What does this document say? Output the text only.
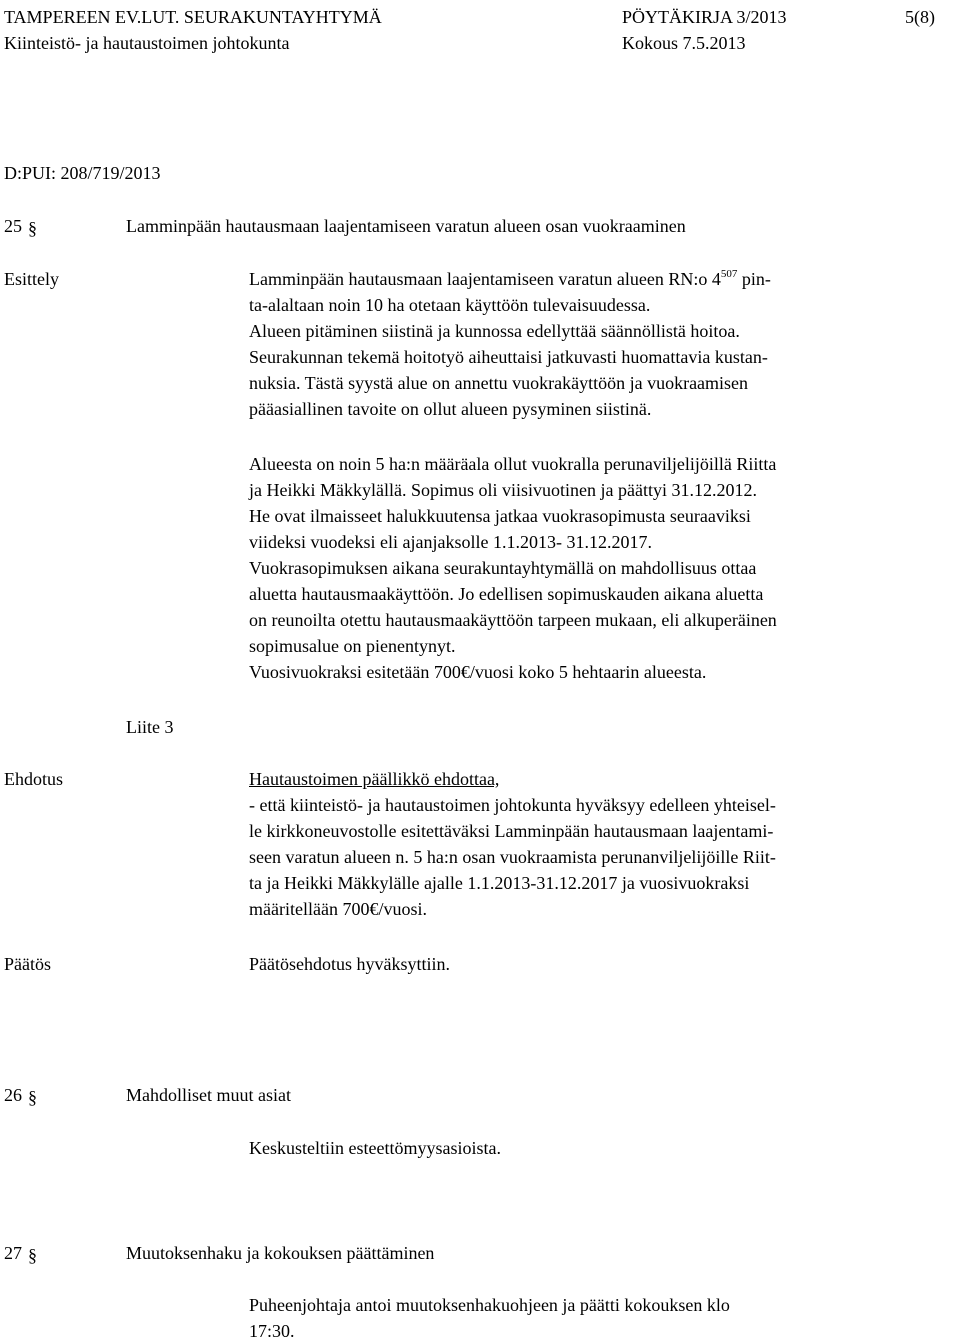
TAMPEREEN EV.LUT. SEURAKUNTAYHTYMÄ	PÖYTÄKIRJA 3/2013	5(8)
Kiinteistö- ja hautaustoimen johtokunta	Kokous 7.5.2013
D:PUI: 208/719/2013
25 §	Lamminpään hautausmaan laajentamiseen varatun alueen osan vuokraaminen
Esittely	Lamminpään hautausmaan laajentamiseen varatun alueen RN:o $4^{507}$ pin-
ta-alaltaan noin 10 ha otetaan käyttöön tulevaisuudessa.
Alueen pitäminen siistinä ja kunnossa edellyttää säännöllistä hoitoa.
Seurakunnan tekemä hoitotyö aiheuttaisi jatkuvasti huomattavia kustan-
nuksia. Tästä syystä alue on annettu vuokrakäyttöön ja vuokraamisen
pääasiallinen tavoite on ollut alueen pysyminen siistinä.
Alueesta on noin 5 ha:n määräala ollut vuokralla perunaviljelijöillä Riitta
ja Heikki Mäkkylällä. Sopimus oli viisivuotinen ja päättyi 31.12.2012.
He ovat ilmaisseet halukkuutensa jatkaa vuokrasopimusta seuraaviksi
viideksi vuodeksi eli ajanjaksolle 1.1.2013- 31.12.2017.
Vuokrasopimuksen aikana seurakuntayhtymällä on mahdollisuus ottaa
aluetta hautausmaakäyttöön. Jo edellisen sopimuskauden aikana aluetta
on reunoilta otettu hautausmaakäyttöön tarpeen mukaan, eli alkuperäinen
sopimusalue on pienentynyt.
Vuosivuokraksi esitetään 700€/vuosi koko 5 hehtaarin alueesta.
Liite 3
Ehdotus	Hautaustoimen päällikkö ehdottaa,
- että kiinteistö- ja hautaustoimen johtokunta hyväksyy edelleen yhteisel-
le kirkkoneuvostolle esitettäväksi Lamminpään hautausmaan laajentami-
seen varatun alueen n. 5 ha:n osan vuokraamista perunanviljelijöille Riit-
ta ja Heikki Mäkkylälle ajalle 1.1.2013-31.12.2017 ja vuosivuokraksi
määritellään 700€/vuosi.
Päätös	Päätösehdotus hyväksyttiin.
26 §	Mahdolliset muut asiat
Keskusteltiin esteettömyysasioista.
27 §	Muutoksenhaku ja kokouksen päättäminen
Puheenjohtaja antoi muutoksenhakuohjeen ja päätti kokouksen klo
17:30.
